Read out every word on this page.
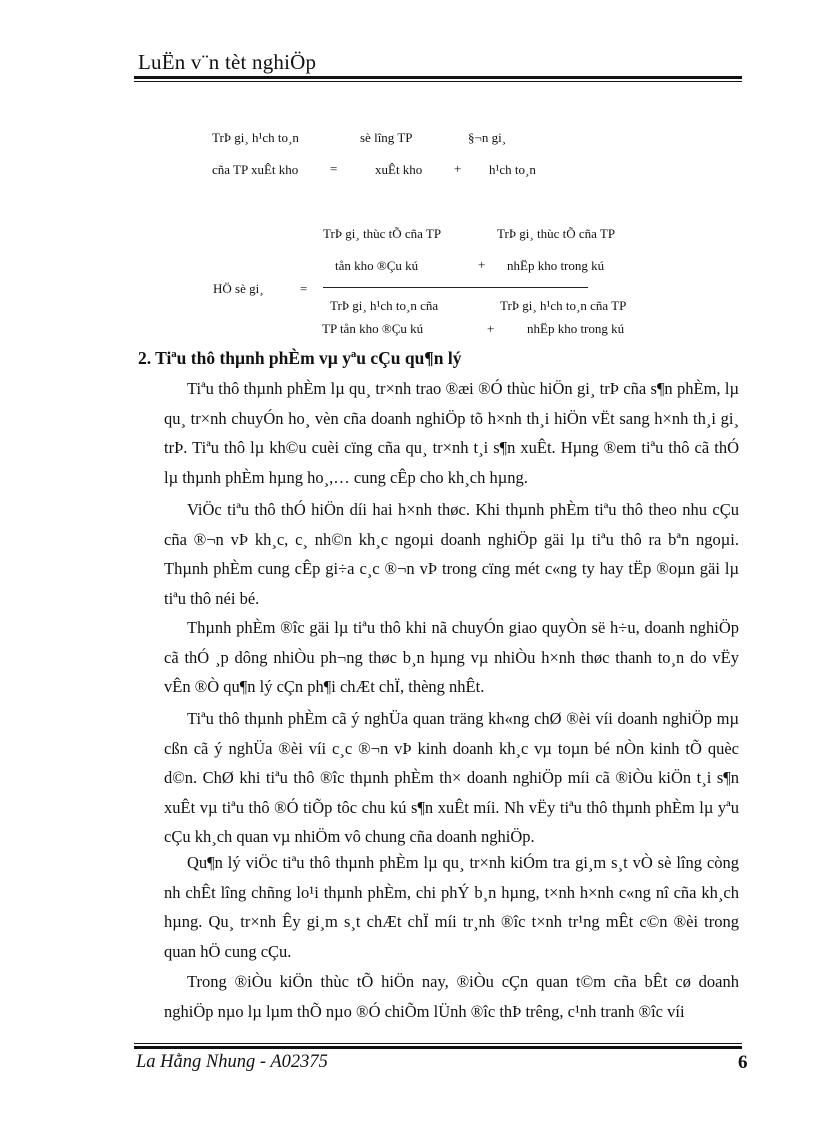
LuËn v¨n tèt nghiÖp
TrÞ gi¸ h¹ch to¸n	sè lîng TP	§¬n gi¸
cña TP xuÊt kho =	xuÊt kho + h¹ch to¸n
TrÞ gi¸ thùc tÕ cña TP	TrÞ gi¸ thùc tÕ cña TP
tån kho ®Çu kú	+ nhËp kho trong kú
HÖ sè gi¸	=
TrÞ gi¸ h¹ch to¸n cña	TrÞ gi¸ h¹ch to¸n cña TP
TP tån kho ®Çu kú	+	nhËp kho trong kú
2. Tiªu thô thµnh phÈm vµ yªu cÇu qu¶n lý

Tiªu thô thµnh phÈm lµ qu¸ tr×nh trao ®æi ®Ó thùc hiÖn gi¸ trÞ cña s¶n phÈm, lµ qu¸ tr×nh chuyÓn ho¸ vèn cña doanh nghiÖp tõ h×nh th¸i hiÖn vËt sang h×nh th¸i gi¸ trÞ. Tiªu thô lµ kh©u cuèi cïng cña qu¸ tr×nh t¸i s¶n xuÊt. Hµng ®em tiªu thô cã thÓ lµ thµnh phÈm hµng ho¸,… cung cÊp cho kh¸ch hµng.

ViÖc tiªu thô thÓ hiÖn díi hai h×nh thøc. Khi thµnh phÈm tiªu thô theo nhu cÇu cña ®¬n vÞ kh¸c, c¸ nh©n kh¸c ngoµi doanh nghiÖp gäi lµ tiªu thô ra bªn ngoµi. Thµnh phÈm cung cÊp gi÷a c¸c ®¬n vÞ trong cïng mét c«ng ty hay tËp ®oµn gäi lµ tiªu thô néi bé.

Thµnh phÈm ®îc gäi lµ tiªu thô khi nã chuyÓn giao quyÒn së h÷u, doanh nghiÖp cã thÓ ¸p dông nhiÒu ph¬ng thøc b¸n hµng vµ nhiÒu h×nh thøc thanh to¸n do vËy vÊn ®Ò qu¶n lý cÇn ph¶i chÆt chÏ, thèng nhÊt.

Tiªu thô thµnh phÈm cã ý nghÜa quan träng kh«ng chØ ®èi víi doanh nghiÖp mµ cßn cã ý nghÜa ®èi víi c¸c ®¬n vÞ kinh doanh kh¸c vµ toµn bé nÒn kinh tÕ quèc d©n. ChØ khi tiªu thô ®îc thµnh phÈm th× doanh nghiÖp míi cã ®iÒu kiÖn t¸i s¶n xuÊt vµ tiªu thô ®Ó tiÕp tôc chu kú s¶n xuÊt míi. Nh vËy tiªu thô thµnh phÈm lµ yªu cÇu kh¸ch quan vµ nhiÖm vô chung cña doanh nghiÖp.

Qu¶n lý viÖc tiªu thô thµnh phÈm lµ qu¸ tr×nh kiÓm tra gi¸m s¸t vÒ sè lîng còng nh chÊt lîng chñng lo¹i thµnh phÈm, chi phÝ b¸n hµng, t×nh h×nh c«ng nî cña kh¸ch hµng. Qu¸ tr×nh Êy gi¸m s¸t chÆt chÏ míi tr¸nh ®îc t×nh tr¹ng mÊt c©n ®èi trong quan hÖ cung cÇu.

Trong ®iÒu kiÖn thùc tÕ hiÖn nay, ®iÒu cÇn quan t©m cña bÊt cø doanh nghiÖp nµo lµ lµm thÕ nµo ®Ó chiÕm lÜnh ®îc thÞ trêng, c¹nh tranh ®îc víi

La Hằng Nhung - A02375	6
